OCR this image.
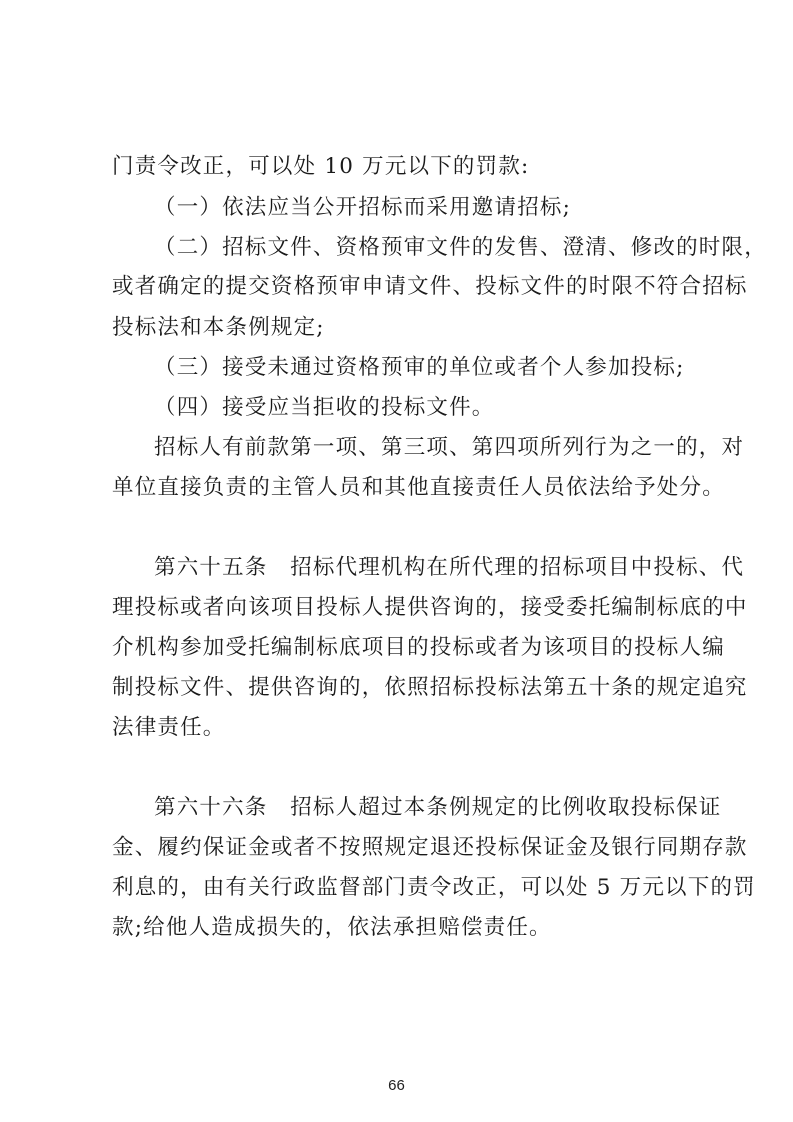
门责令改正，可以处 10 万元以下的罚款:
（一）依法应当公开招标而采用邀请招标;
（二）招标文件、资格预审文件的发售、澄清、修改的时限，
或者确定的提交资格预审申请文件、投标文件的时限不符合招标
投标法和本条例规定;
（三）接受未通过资格预审的单位或者个人参加投标;
（四）接受应当拒收的投标文件。
招标人有前款第一项、第三项、第四项所列行为之一的，对
单位直接负责的主管人员和其他直接责任人员依法给予处分。
第六十五条　招标代理机构在所代理的招标项目中投标、代
理投标或者向该项目投标人提供咨询的，接受委托编制标底的中
介机构参加受托编制标底项目的投标或者为该项目的投标人编
制投标文件、提供咨询的，依照招标投标法第五十条的规定追究
法律责任。
第六十六条　招标人超过本条例规定的比例收取投标保证
金、履约保证金或者不按照规定退还投标保证金及银行同期存款
利息的，由有关行政监督部门责令改正，可以处 5 万元以下的罚
款;给他人造成损失的，依法承担赔偿责任。
66
